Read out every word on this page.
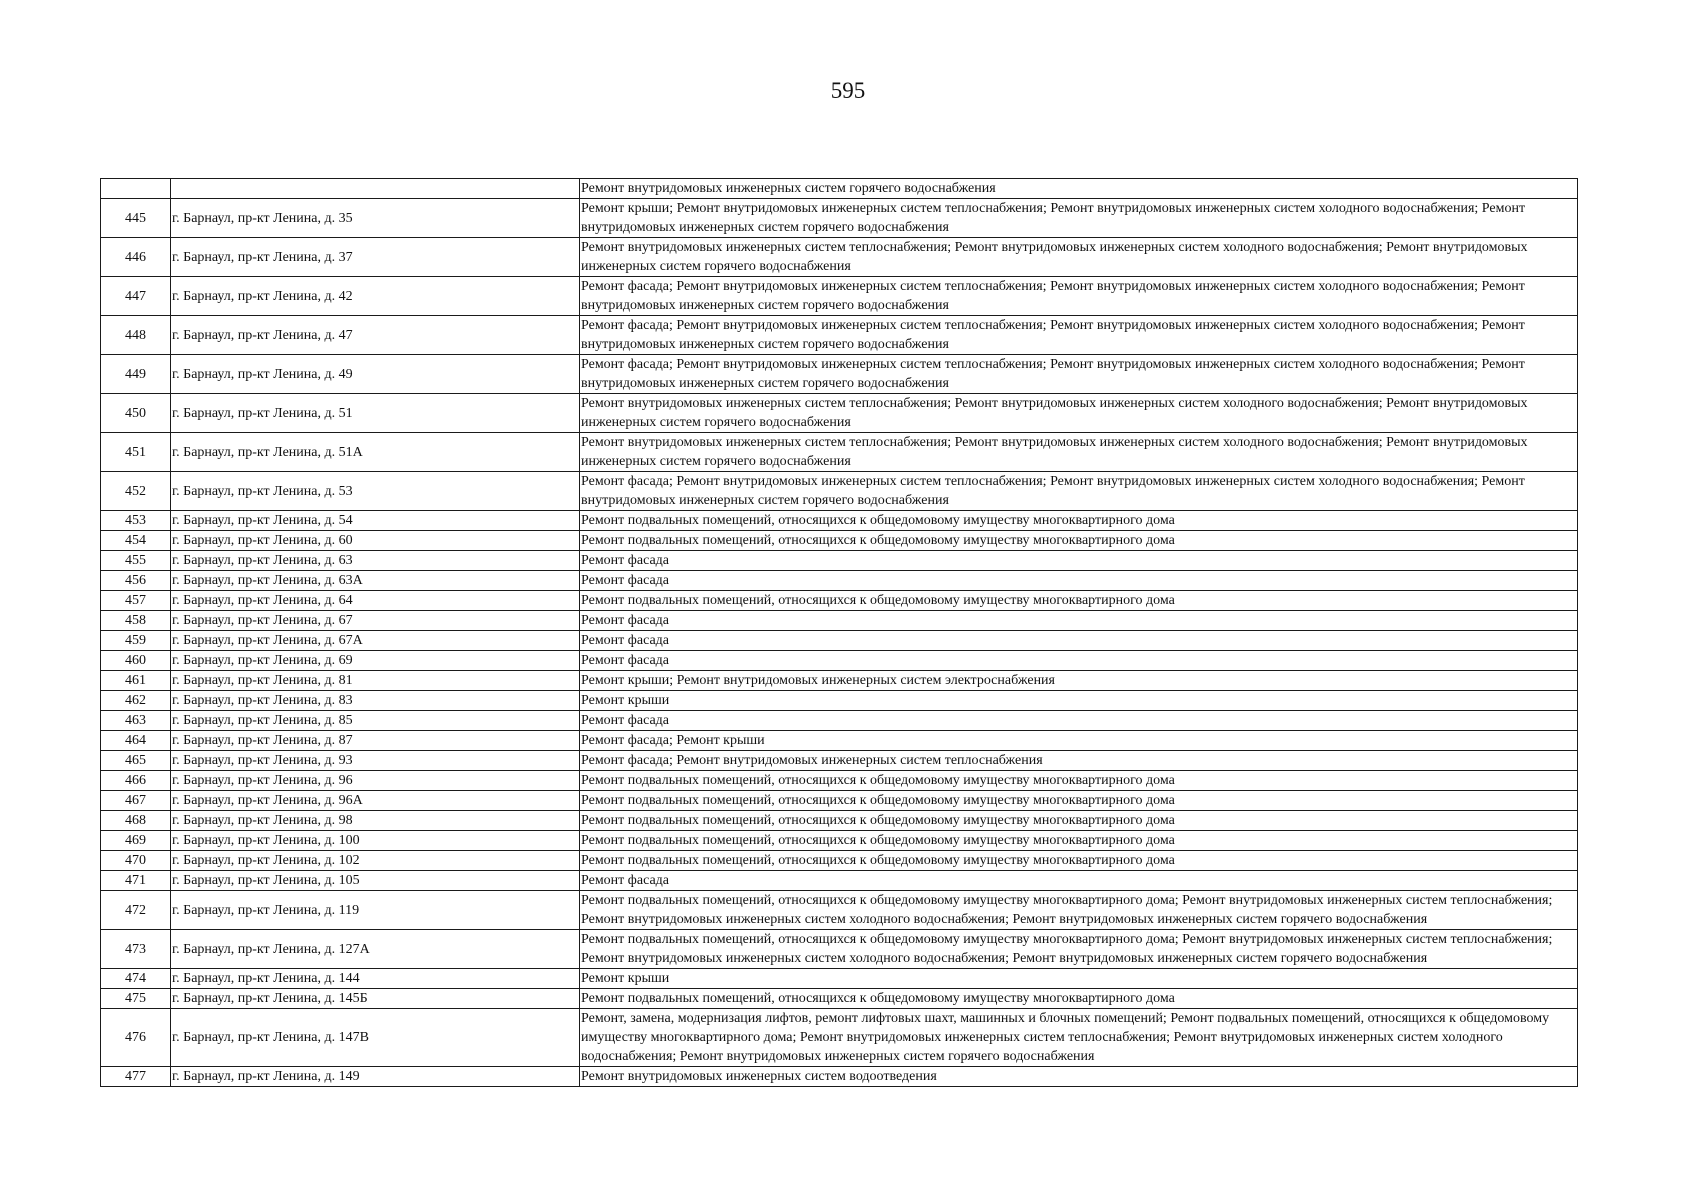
595
		Ремонт внутридомовых инженерных систем горячего водоснабжения
445	г. Барнаул, пр-кт Ленина, д. 35	Ремонт крыши; Ремонт внутридомовых инженерных систем теплоснабжения; Ремонт внутридомовых инженерных систем холодного водоснабжения; Ремонт внутридомовых инженерных систем горячего водоснабжения
446	г. Барнаул, пр-кт Ленина, д. 37	Ремонт внутридомовых инженерных систем теплоснабжения; Ремонт внутридомовых инженерных систем холодного водоснабжения; Ремонт внутридомовых инженерных систем горячего водоснабжения
447	г. Барнаул, пр-кт Ленина, д. 42	Ремонт фасада; Ремонт внутридомовых инженерных систем теплоснабжения; Ремонт внутридомовых инженерных систем холодного водоснабжения; Ремонт внутридомовых инженерных систем горячего водоснабжения
448	г. Барнаул, пр-кт Ленина, д. 47	Ремонт фасада; Ремонт внутридомовых инженерных систем теплоснабжения; Ремонт внутридомовых инженерных систем холодного водоснабжения; Ремонт внутридомовых инженерных систем горячего водоснабжения
449	г. Барнаул, пр-кт Ленина, д. 49	Ремонт фасада; Ремонт внутридомовых инженерных систем теплоснабжения; Ремонт внутридомовых инженерных систем холодного водоснабжения; Ремонт внутридомовых инженерных систем горячего водоснабжения
450	г. Барнаул, пр-кт Ленина, д. 51	Ремонт внутридомовых инженерных систем теплоснабжения; Ремонт внутридомовых инженерных систем холодного водоснабжения; Ремонт внутридомовых инженерных систем горячего водоснабжения
451	г. Барнаул, пр-кт Ленина, д. 51А	Ремонт внутридомовых инженерных систем теплоснабжения; Ремонт внутридомовых инженерных систем холодного водоснабжения; Ремонт внутридомовых инженерных систем горячего водоснабжения
452	г. Барнаул, пр-кт Ленина, д. 53	Ремонт фасада; Ремонт внутридомовых инженерных систем теплоснабжения; Ремонт внутридомовых инженерных систем холодного водоснабжения; Ремонт внутридомовых инженерных систем горячего водоснабжения
453	г. Барнаул, пр-кт Ленина, д. 54	Ремонт подвальных помещений, относящихся к общедомовому имуществу многоквартирного дома
454	г. Барнаул, пр-кт Ленина, д. 60	Ремонт подвальных помещений, относящихся к общедомовому имуществу многоквартирного дома
455	г. Барнаул, пр-кт Ленина, д. 63	Ремонт фасада
456	г. Барнаул, пр-кт Ленина, д. 63А	Ремонт фасада
457	г. Барнаул, пр-кт Ленина, д. 64	Ремонт подвальных помещений, относящихся к общедомовому имуществу многоквартирного дома
458	г. Барнаул, пр-кт Ленина, д. 67	Ремонт фасада
459	г. Барнаул, пр-кт Ленина, д. 67А	Ремонт фасада
460	г. Барнаул, пр-кт Ленина, д. 69	Ремонт фасада
461	г. Барнаул, пр-кт Ленина, д. 81	Ремонт крыши; Ремонт внутридомовых инженерных систем электроснабжения
462	г. Барнаул, пр-кт Ленина, д. 83	Ремонт крыши
463	г. Барнаул, пр-кт Ленина, д. 85	Ремонт фасада
464	г. Барнаул, пр-кт Ленина, д. 87	Ремонт фасада; Ремонт крыши
465	г. Барнаул, пр-кт Ленина, д. 93	Ремонт фасада; Ремонт внутридомовых инженерных систем теплоснабжения
466	г. Барнаул, пр-кт Ленина, д. 96	Ремонт подвальных помещений, относящихся к общедомовому имуществу многоквартирного дома
467	г. Барнаул, пр-кт Ленина, д. 96А	Ремонт подвальных помещений, относящихся к общедомовому имуществу многоквартирного дома
468	г. Барнаул, пр-кт Ленина, д. 98	Ремонт подвальных помещений, относящихся к общедомовому имуществу многоквартирного дома
469	г. Барнаул, пр-кт Ленина, д. 100	Ремонт подвальных помещений, относящихся к общедомовому имуществу многоквартирного дома
470	г. Барнаул, пр-кт Ленина, д. 102	Ремонт подвальных помещений, относящихся к общедомовому имуществу многоквартирного дома
471	г. Барнаул, пр-кт Ленина, д. 105	Ремонт фасада
472	г. Барнаул, пр-кт Ленина, д. 119	Ремонт подвальных помещений, относящихся к общедомовому имуществу многоквартирного дома; Ремонт внутридомовых инженерных систем теплоснабжения; Ремонт внутридомовых инженерных систем холодного водоснабжения; Ремонт внутридомовых инженерных систем горячего водоснабжения
473	г. Барнаул, пр-кт Ленина, д. 127А	Ремонт подвальных помещений, относящихся к общедомовому имуществу многоквартирного дома; Ремонт внутридомовых инженерных систем теплоснабжения; Ремонт внутридомовых инженерных систем холодного водоснабжения; Ремонт внутридомовых инженерных систем горячего водоснабжения
474	г. Барнаул, пр-кт Ленина, д. 144	Ремонт крыши
475	г. Барнаул, пр-кт Ленина, д. 145Б	Ремонт подвальных помещений, относящихся к общедомовому имуществу многоквартирного дома
476	г. Барнаул, пр-кт Ленина, д. 147В	Ремонт, замена, модернизация лифтов, ремонт лифтовых шахт, машинных и блочных помещений; Ремонт подвальных помещений, относящихся к общедомовому имуществу многоквартирного дома; Ремонт внутридомовых инженерных систем теплоснабжения; Ремонт внутридомовых инженерных систем холодного водоснабжения; Ремонт внутридомовых инженерных систем горячего водоснабжения
477	г. Барнаул, пр-кт Ленина, д. 149	Ремонт внутридомовых инженерных систем водоотведения
